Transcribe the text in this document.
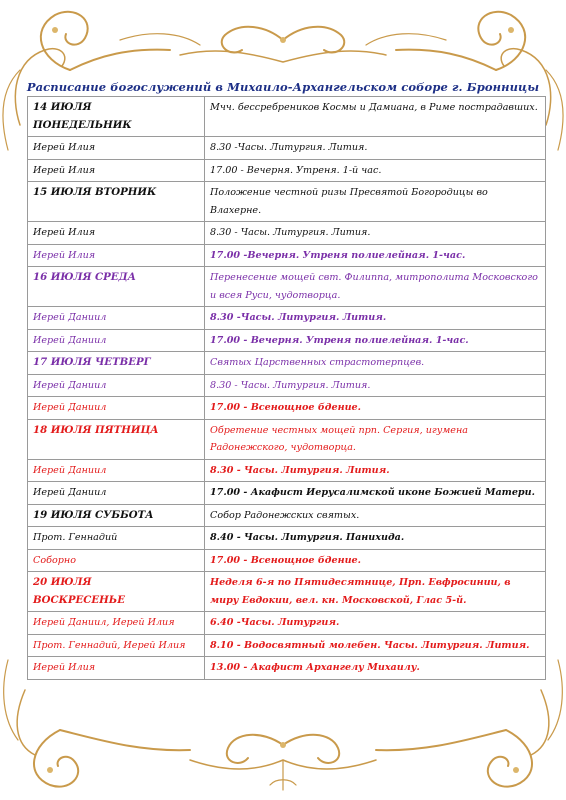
Расписание богослужений в Михаило-Архангельском соборе г. Бронницы
14 ИЮЛЯ
ПОНЕДЕЛЬНИК	Мчч. бессребреников Космы и Дамиана, в Риме пострадавших.
Иерей Илия	8.30 -Часы. Литургия. Лития.
Иерей Илия	17.00 - Вечерня. Утреня. 1-й час.
15 ИЮЛЯ ВТОРНИК	Положение честной ризы Пресвятой Богородицы во Влахерне.
Иерей Илия	8.30 - Часы. Литургия. Лития.
Иерей Илия	17.00 -Вечерня. Утреня полиелейная. 1-час.
16 ИЮЛЯ СРЕДА	Перенесение мощей свт. Филиппа, митрополита Московского и всея Руси, чудотворца.
Иерей Даниил	8.30 -Часы. Литургия. Лития.
Иерей Даниил	17.00 - Вечерня. Утреня полиелейная. 1-час.
17 ИЮЛЯ ЧЕТВЕРГ	Святых Царственных страстотерпцев.
Иерей Даниил	8.30 - Часы. Литургия. Лития.
Иерей Даниил	17.00 - Всенощное бдение.
18 ИЮЛЯ ПЯТНИЦА	Обретение честных мощей прп. Сергия, игумена Радонежского, чудотворца.
Иерей Даниил	8.30 - Часы. Литургия. Лития.
Иерей Даниил	17.00 - Акафист Иерусалимской иконе Божией Матери.
19 ИЮЛЯ СУББОТА	Собор Радонежских святых.
Прот. Геннадий	8.40 - Часы. Литургия. Панихида.
Соборно	17.00 - Всенощное бдение.
20 ИЮЛЯ
ВОСКРЕСЕНЬЕ	Неделя 6-я по Пятидесятнице, Прп. Евфросинии, в миру Евдокии, вел. кн. Московской, Глас 5-й.
Иерей Даниил, Иерей Илия	6.40 -Часы. Литургия.
Прот. Геннадий, Иерей Илия	8.10 - Водосвятный молебен. Часы. Литургия. Лития.
Иерей Илия	13.00 - Акафист Архангелу Михаилу.
